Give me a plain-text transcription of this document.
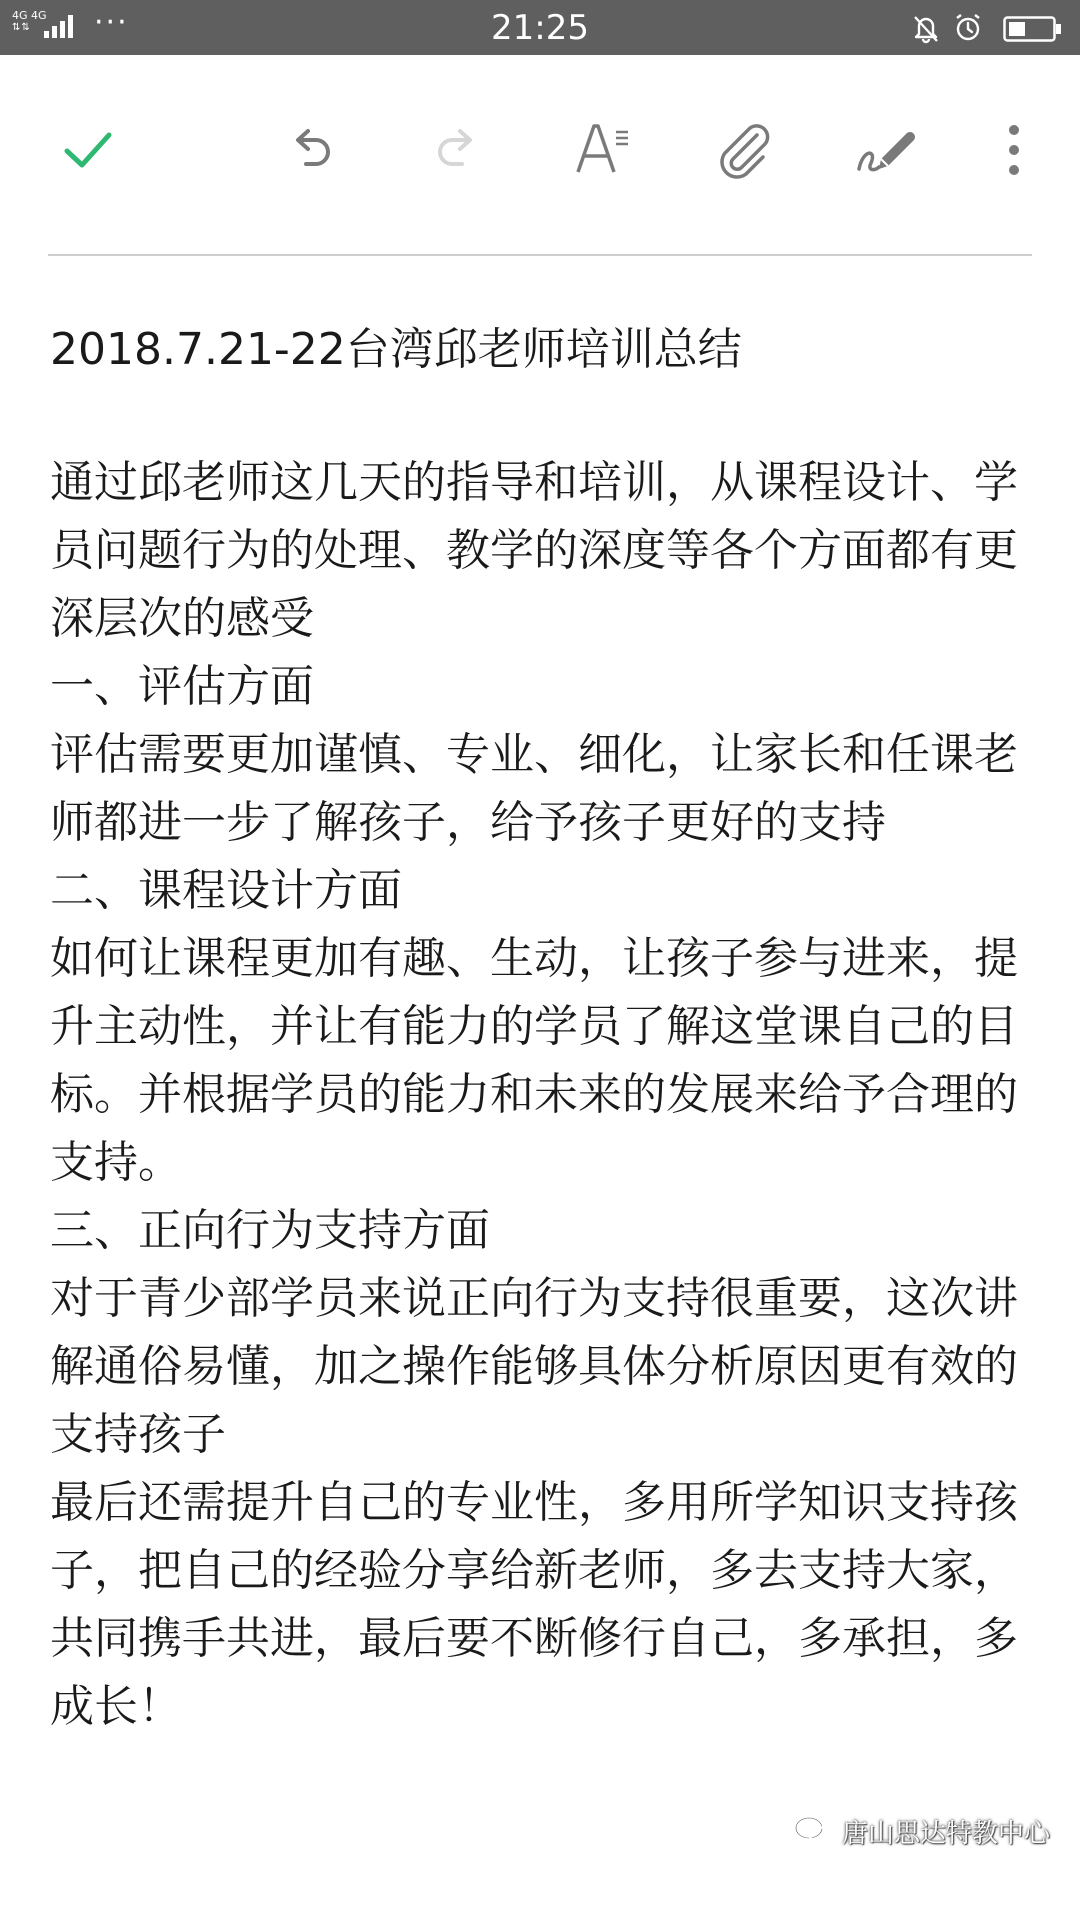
4G 4G
⇅⇅	···	21:25
2018.7.21-22台湾邱老师培训总结

通过邱老师这几天的指导和培训，从课程设计、学员问题行为的处理、教学的深度等各个方面都有更深层次的感受

一、评估方面

评估需要更加谨慎、专业、细化，让家长和任课老师都进一步了解孩子，给予孩子更好的支持

二、课程设计方面

如何让课程更加有趣、生动，让孩子参与进来，提升主动性，并让有能力的学员了解这堂课自己的目标。并根据学员的能力和未来的发展来给予合理的支持。

三、正向行为支持方面

对于青少部学员来说正向行为支持很重要，这次讲解通俗易懂，加之操作能够具体分析原因更有效的支持孩子

最后还需提升自己的专业性，多用所学知识支持孩子，把自己的经验分享给新老师，多去支持大家，共同携手共进，最后要不断修行自己，多承担，多成长！

唐山思达特教中心
